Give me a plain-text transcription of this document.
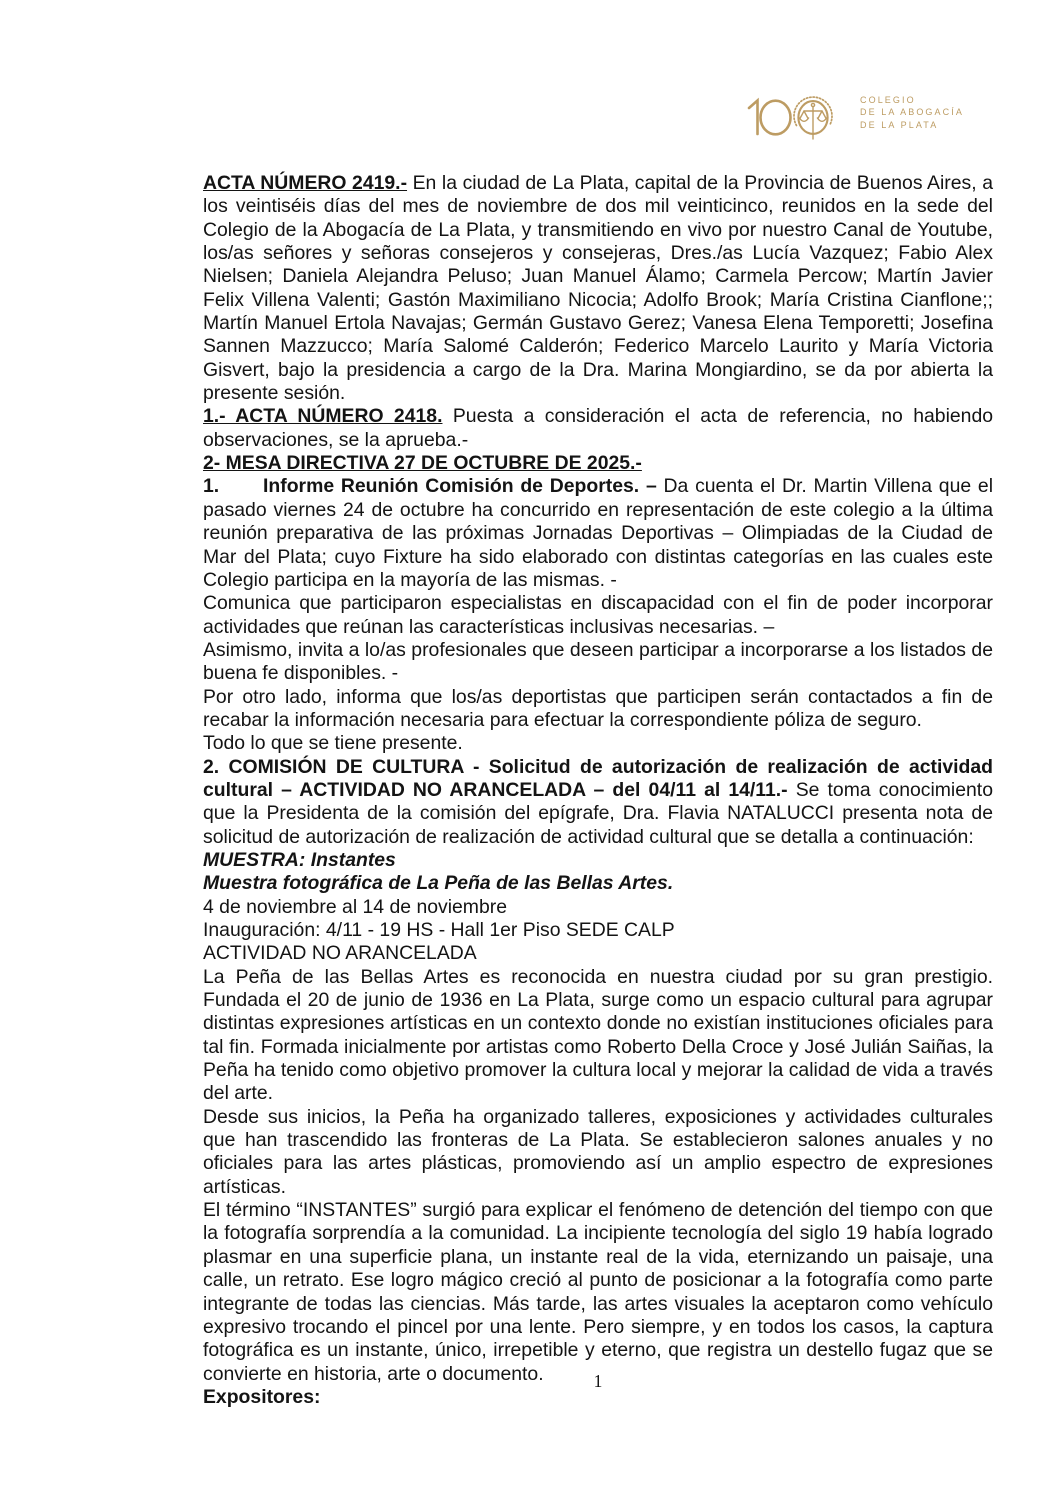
COLEGIO
DE LA ABOGACÍA
DE LA PLATA

ACTA NÚMERO 2419.- En la ciudad de La Plata, capital de la Provincia de Buenos Aires, a los veintiséis días del mes de noviembre de dos mil veinticinco, reunidos en la sede del Colegio de la Abogacía de La Plata, y transmitiendo en vivo por nuestro Canal de Youtube, los/as señores y señoras consejeros y consejeras, Dres./as Lucía Vazquez; Fabio Alex Nielsen; Daniela Alejandra Peluso; Juan Manuel Álamo; Carmela Percow; Martín Javier Felix Villena Valenti; Gastón Maximiliano Nicocia; Adolfo Brook; María Cristina Cianflone;; Martín Manuel Ertola Navajas; Germán Gustavo Gerez; Vanesa Elena Temporetti; Josefina Sannen Mazzucco; María Salomé Calderón; Federico Marcelo Laurito y María Victoria Gisvert, bajo la presidencia a cargo de la Dra. Marina Mongiardino, se da por abierta la presente sesión.

1.- ACTA NÚMERO 2418. Puesta a consideración el acta de referencia, no habiendo observaciones, se la aprueba.-

2- MESA DIRECTIVA 27 DE OCTUBRE DE 2025.-

1. Informe Reunión Comisión de Deportes. – Da cuenta el Dr. Martin Villena que el pasado viernes 24 de octubre ha concurrido en representación de este colegio a la última reunión preparativa de las próximas Jornadas Deportivas – Olimpiadas de la Ciudad de Mar del Plata; cuyo Fixture ha sido elaborado con distintas categorías en las cuales este Colegio participa en la mayoría de las mismas. -

Comunica que participaron especialistas en discapacidad con el fin de poder incorporar actividades que reúnan las características inclusivas necesarias. –

Asimismo, invita a lo/as profesionales que deseen participar a incorporarse a los listados de buena fe disponibles. -

Por otro lado, informa que los/as deportistas que participen serán contactados a fin de recabar la información necesaria para efectuar la correspondiente póliza de seguro.

Todo lo que se tiene presente.

2. COMISIÓN DE CULTURA - Solicitud de autorización de realización de actividad cultural – ACTIVIDAD NO ARANCELADA – del 04/11 al 14/11.- Se toma conocimiento que la Presidenta de la comisión del epígrafe, Dra. Flavia NATALUCCI presenta nota de solicitud de autorización de realización de actividad cultural que se detalla a continuación:

MUESTRA: Instantes

Muestra fotográfica de La Peña de las Bellas Artes.

4 de noviembre al 14 de noviembre

Inauguración: 4/11 - 19 HS - Hall 1er Piso SEDE CALP

ACTIVIDAD NO ARANCELADA

La Peña de las Bellas Artes es reconocida en nuestra ciudad por su gran prestigio. Fundada el 20 de junio de 1936 en La Plata, surge como un espacio cultural para agrupar distintas expresiones artísticas en un contexto donde no existían instituciones oficiales para tal fin. Formada inicialmente por artistas como Roberto Della Croce y José Julián Saiñas, la Peña ha tenido como objetivo promover la cultura local y mejorar la calidad de vida a través del arte.

Desde sus inicios, la Peña ha organizado talleres, exposiciones y actividades culturales que han trascendido las fronteras de La Plata. Se establecieron salones anuales y no oficiales para las artes plásticas, promoviendo así un amplio espectro de expresiones artísticas.

El término “INSTANTES” surgió para explicar el fenómeno de detención del tiempo con que la fotografía sorprendía a la comunidad. La incipiente tecnología del siglo 19 había logrado plasmar en una superficie plana, un instante real de la vida, eternizando un paisaje, una calle, un retrato. Ese logro mágico creció al punto de posicionar a la fotografía como parte integrante de todas las ciencias. Más tarde, las artes visuales la aceptaron como vehículo expresivo trocando el pincel por una lente. Pero siempre, y en todos los casos, la captura fotográfica es un instante, único, irrepetible y eterno, que registra un destello fugaz que se convierte en historia, arte o documento.

Expositores:

1
